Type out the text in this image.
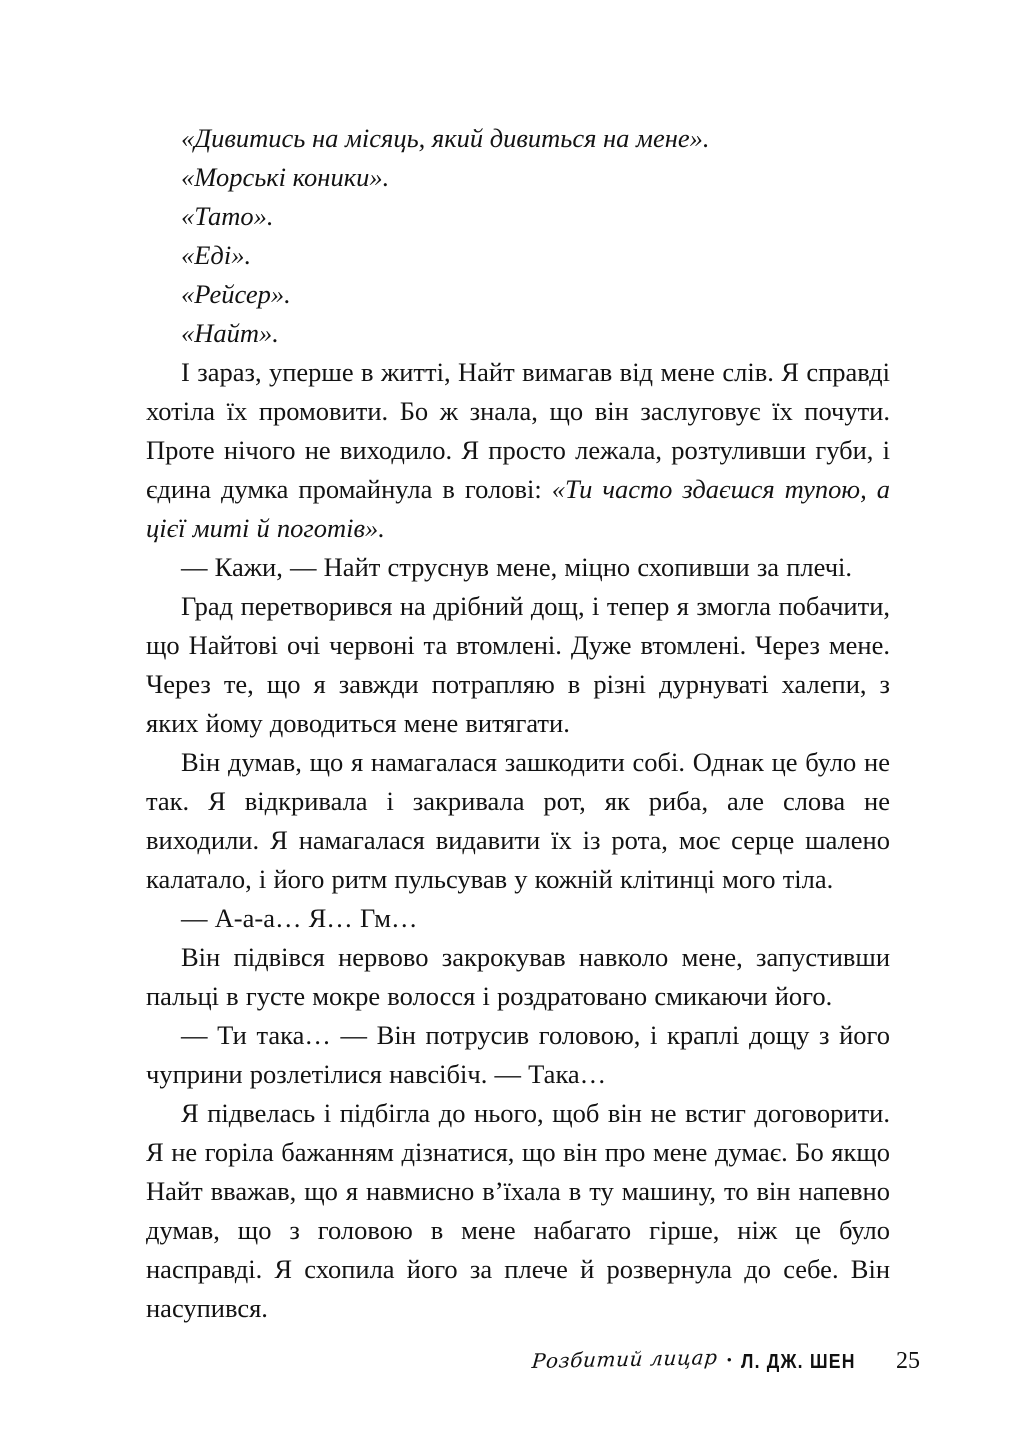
«Дивитись на місяць, який дивиться на мене».

«Морські коники».

«Тато».

«Еді».

«Рейсер».

«Найт».

І зараз, уперше в житті, Найт вимагав від мене слів. Я справді хотіла їх промовити. Бо ж знала, що він заслуговує їх почути. Проте нічого не виходило. Я просто лежала, розтуливши губи, і єдина думка промайнула в голові: «Ти часто здаєшся тупою, а цієї миті й поготів».

— Кажи, — Найт струснув мене, міцно схопивши за плечі.

Град перетворився на дрібний дощ, і тепер я змогла побачити, що Найтові очі червоні та втомлені. Дуже втомлені. Через мене. Через те, що я завжди потрапляю в різні дурнуваті халепи, з яких йому доводиться мене витягати.

Він думав, що я намагалася зашкодити собі. Однак це було не так. Я відкривала і закривала рот, як риба, але слова не виходили. Я намагалася видавити їх із рота, моє серце шалено калатало, і його ритм пульсував у кожній клітинці мого тіла.

— А-а-а… Я… Гм…

Він підвівся нервово закрокував навколо мене, запустивши пальці в густе мокре волосся і роздратовано смикаючи його.

— Ти така… — Він потрусив головою, і краплі дощу з його чуприни розлетілися навсібіч. — Така…

Я підвелась і підбігла до нього, щоб він не встиг договорити. Я не горіла бажанням дізнатися, що він про мене думає. Бо якщо Найт вважав, що я навмисно в’їхала в ту машину, то він напевно думав, що з головою в мене набагато гірше, ніж це було насправді. Я схопила його за плече й розвернула до себе. Він насупився.

Розбитий лицар • Л. ДЖ. ШЕН 25
